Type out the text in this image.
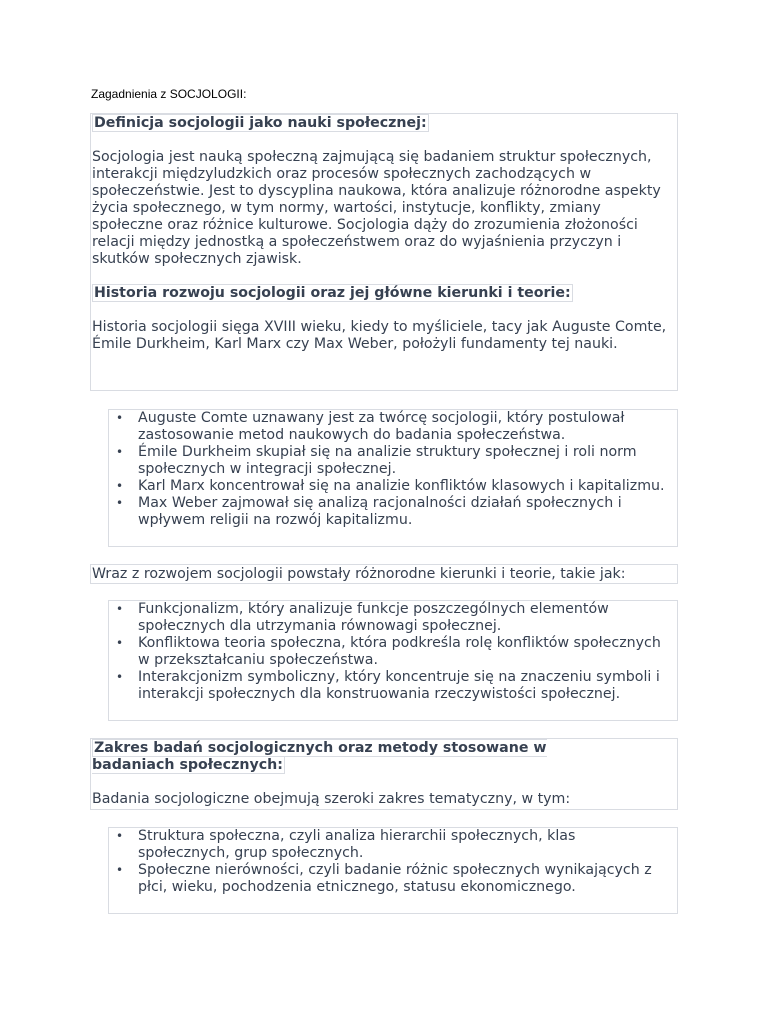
Zagadnienia z SOCJOLOGII:

Definicja socjologii jako nauki społecznej:

Socjologia jest nauką społeczną zajmującą się badaniem struktur społecznych, interakcji międzyludzkich oraz procesów społecznych zachodzących w społeczeństwie. Jest to dyscyplina naukowa, która analizuje różnorodne aspekty życia społecznego, w tym normy, wartości, instytucje, konflikty, zmiany społeczne oraz różnice kulturowe. Socjologia dąży do zrozumienia złożoności relacji między jednostką a społeczeństwem oraz do wyjaśnienia przyczyn i skutków społecznych zjawisk.

Historia rozwoju socjologii oraz jej główne kierunki i teorie:

Historia socjologii sięga XVIII wieku, kiedy to myśliciele, tacy jak Auguste Comte, Émile Durkheim, Karl Marx czy Max Weber, położyli fundamenty tej nauki.

• Auguste Comte uznawany jest za twórcę socjologii, który postulował zastosowanie metod naukowych do badania społeczeństwa.
• Émile Durkheim skupiał się na analizie struktury społecznej i roli norm społecznych w integracji społecznej.
• Karl Marx koncentrował się na analizie konfliktów klasowych i kapitalizmu.
• Max Weber zajmował się analizą racjonalności działań społecznych i wpływem religii na rozwój kapitalizmu.

Wraz z rozwojem socjologii powstały różnorodne kierunki i teorie, takie jak:

• Funkcjonalizm, który analizuje funkcje poszczególnych elementów społecznych dla utrzymania równowagi społecznej.
• Konfliktowa teoria społeczna, która podkreśla rolę konfliktów społecznych w przekształcaniu społeczeństwa.
• Interakcjonizm symboliczny, który koncentruje się na znaczeniu symboli i interakcji społecznych dla konstruowania rzeczywistości społecznej.

Zakres badań socjologicznych oraz metody stosowane w badaniach społecznych:

Badania socjologiczne obejmują szeroki zakres tematyczny, w tym:

• Struktura społeczna, czyli analiza hierarchii społecznych, klas społecznych, grup społecznych.
• Społeczne nierówności, czyli badanie różnic społecznych wynikających z płci, wieku, pochodzenia etnicznego, statusu ekonomicznego.
